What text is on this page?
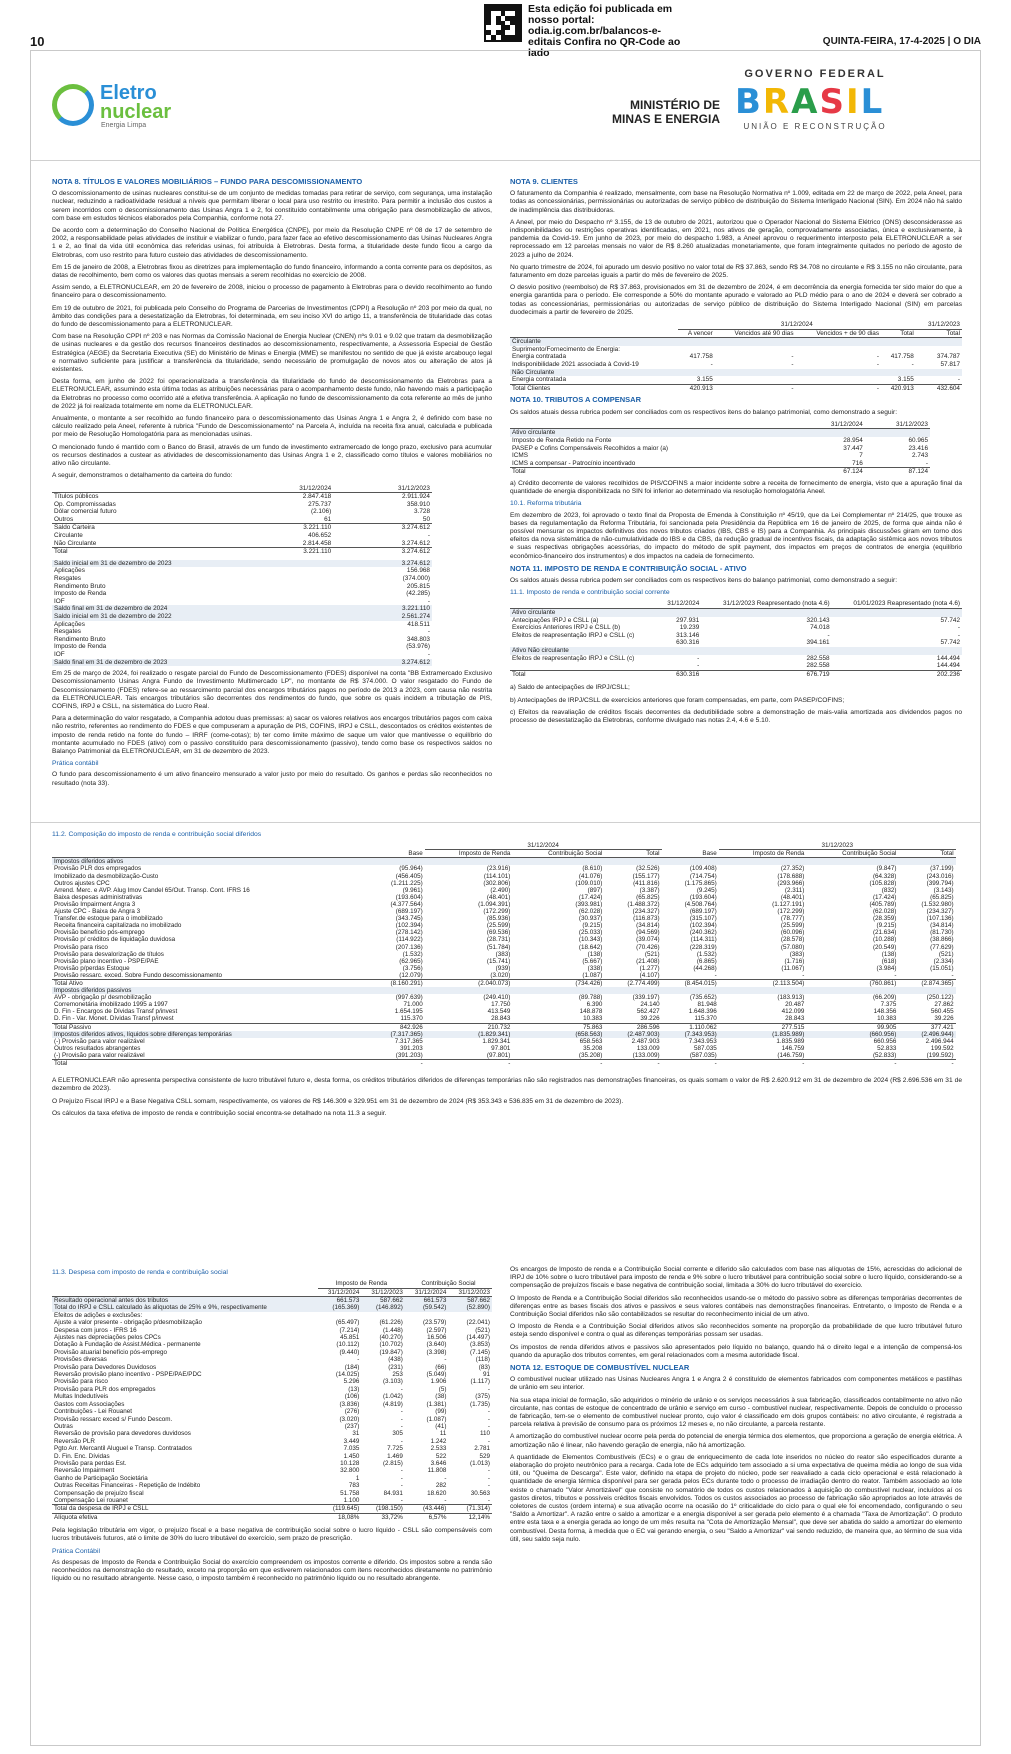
10
Esta edição foi publicada em nosso portal: odia.ig.com.br/balancos-e-editais Confira no QR-Code ao lado
QUINTA-FEIRA, 17-4-2025 | O DIA
Eletro
nuclear
Energia Limpa
MINISTÉRIO DE MINAS E ENERGIA
GOVERNO FEDERAL
B R A S I L
UNIÃO E RECONSTRUÇÃO
NOTA 8. TÍTULOS E VALORES MOBILIÁRIOS – FUNDO PARA DESCOMISSIONAMENTO

O descomissionamento de usinas nucleares constitui-se de um conjunto de medidas tomadas para retirar de serviço, com segurança, uma instalação nuclear, reduzindo a radioatividade residual a níveis que permitam liberar o local para uso restrito ou irrestrito. Para permitir a inclusão dos custos a serem incorridos com o descomissionamento das Usinas Angra 1 e 2, foi constituído contabilmente uma obrigação para desmobilização de ativos, com base em estudos técnicos elaborados pela Companhia, conforme nota 27.

De acordo com a determinação do Conselho Nacional de Política Energética (CNPE), por meio da Resolução CNPE nº 08 de 17 de setembro de 2002, a responsabilidade pelas atividades de instituir e viabilizar o fundo, para fazer face ao efetivo descomissionamento das Usinas Nucleares Angra 1 e 2, ao final da vida útil econômica das referidas usinas, foi atribuída à Eletrobras. Desta forma, a titularidade deste fundo ficou a cargo da Eletrobras, com uso restrito para futuro custeio das atividades de descomissionamento.

Em 15 de janeiro de 2008, a Eletrobras fixou as diretrizes para implementação do fundo financeiro, informando a conta corrente para os depósitos, as datas de recolhimento, bem como os valores das quotas mensais a serem recolhidas no exercício de 2008.

Assim sendo, a ELETRONUCLEAR, em 20 de fevereiro de 2008, iniciou o processo de pagamento à Eletrobras para o devido recolhimento ao fundo financeiro para o descomissionamento.

Em 19 de outubro de 2021, foi publicada pelo Conselho do Programa de Parcerias de Investimentos (CPPI) a Resolução nº 203 por meio da qual, no âmbito das condições para a desestatização da Eletrobras, foi determinada, em seu inciso XVI do artigo 11, a transferência de titularidade das cotas do fundo de descomissionamento para a ELETRONUCLEAR.

Com base na Resolução CPPI nº 203 e nas Normas da Comissão Nacional de Energia Nuclear (CNEN) nºs 9.01 e 9.02 que tratam da desmobilização de usinas nucleares e da gestão dos recursos financeiros destinados ao descomissionamento, respectivamente, a Assessoria Especial de Gestão Estratégica (AEGE) da Secretaria Executiva (SE) do Ministério de Minas e Energia (MME) se manifestou no sentido de que já existe arcabouço legal e normativo suficiente para justificar a transferência da titularidade, sendo necessário de promulgação de novos atos ou alteração de atos já existentes.

Desta forma, em junho de 2022 foi operacionalizada a transferência da titularidade do fundo de descomissionamento da Eletrobras para a ELETRONUCLEAR, assumindo esta última todas as atribuições necessárias para o acompanhamento deste fundo, não havendo mais a participação da Eletrobras no processo como ocorrido até a efetiva transferência. A aplicação no fundo de descomissionamento da cota referente ao mês de junho de 2022 já foi realizada totalmente em nome da ELETRONUCLEAR.

Anualmente, o montante a ser recolhido ao fundo financeiro para o descomissionamento das Usinas Angra 1 e Angra 2, é definido com base no cálculo realizado pela Aneel, referente à rubrica "Fundo de Descomissionamento" na Parcela A, incluída na receita fixa anual, calculada e publicada por meio de Resolução Homologatória para as mencionadas usinas.

O mencionado fundo é mantido com o Banco do Brasil, através de um fundo de investimento extramercado de longo prazo, exclusivo para acumular os recursos destinados a custear as atividades de descomissionamento das Usinas Angra 1 e 2, classificado como títulos e valores mobiliários no ativo não circulante.

A seguir, demonstramos o detalhamento da carteira do fundo:

	31/12/2024	31/12/2023
Títulos públicos	2.847.418	2.911.924
Op. Compromissadas	275.737	358.910
Dólar comercial futuro	(2.106)	3.728
Outros	61	50
Saldo Carteira	3.221.110	3.274.612
Circulante	406.652	-
Não Circulante	2.814.458	3.274.612
Total	3.221.110	3.274.612
Saldo inicial em 31 de dezembro de 2023	3.274.612
Aplicações	156.968
Resgates	(374.000)
Rendimento Bruto	205.815
Imposto de Renda	(42.285)
IOF	-
Saldo final em 31 de dezembro de 2024	3.221.110
Saldo inicial em 31 de dezembro de 2022	2.561.274
Aplicações	418.511
Resgates	-
Rendimento Bruto	348.803
Imposto de Renda	(53.976)
IOF	-
Saldo final em 31 de dezembro de 2023	3.274.612

Em 25 de março de 2024, foi realizado o resgate parcial do Fundo de Descomissionamento (FDES) disponível na conta "BB Extramercado Exclusivo Descomissionamento Usinas Angra Fundo de Investimento Multimercado LP", no montante de R$ 374.000. O valor resgatado do Fundo de Descomissionamento (FDES) refere-se ao ressarcimento parcial dos encargos tributários pagos no período de 2013 a 2023, com causa não restrita da ELETRONUCLEAR. Tais encargos tributários são decorrentes dos rendimentos do fundo, que sobre os quais incidem a tributação de PIS, COFINS, IRPJ e CSLL, na sistemática do Lucro Real.

Para a determinação do valor resgatado, a Companhia adotou duas premissas: a) sacar os valores relativos aos encargos tributários pagos com caixa não restrito, referentes ao rendimento do FDES e que compuseram a apuração de PIS, COFINS, IRPJ e CSLL, descontados os créditos existentes de imposto de renda retido na fonte do fundo – IRRF (come-cotas); b) ter como limite máximo de saque um valor que mantivesse o equilíbrio do montante acumulado no FDES (ativo) com o passivo constituído para descomissionamento (passivo), tendo como base os respectivos saldos no Balanço Patrimonial da ELETRONUCLEAR, em 31 de dezembro de 2023.

Prática contábil

O fundo para descomissionamento é um ativo financeiro mensurado a valor justo por meio do resultado. Os ganhos e perdas são reconhecidos no resultado (nota 33).

NOTA 9. CLIENTES

O faturamento da Companhia é realizado, mensalmente, com base na Resolução Normativa nº 1.009, editada em 22 de março de 2022, pela Aneel, para todas as concessionárias, permissionárias ou autorizadas de serviço público de distribuição do Sistema Interligado Nacional (SIN). Em 2024 não há saldo de inadimplência das distribuidoras.

A Aneel, por meio do Despacho nº 3.155, de 13 de outubro de 2021, autorizou que o Operador Nacional do Sistema Elétrico (ONS) desconsiderasse as indisponibilidades ou restrições operativas identificadas, em 2021, nos ativos de geração, comprovadamente associadas, única e exclusivamente, à pandemia da Covid-19. Em junho de 2023, por meio do despacho 1.983, a Aneel aprovou o requerimento interposto pela ELETRONUCLEAR a ser reprocessado em 12 parcelas mensais no valor de R$ 8.260 atualizadas monetariamente, que foram integralmente quitados no período de agosto de 2023 a julho de 2024.

No quarto trimestre de 2024, foi apurado um desvio positivo no valor total de R$ 37.863, sendo R$ 34.708 no circulante e R$ 3.155 no não circulante, para faturamento em doze parcelas iguais a partir do mês de fevereiro de 2025.

O desvio positivo (reembolso) de R$ 37.863, provisionados em 31 de dezembro de 2024, é em decorrência da energia fornecida ter sido maior do que a energia garantida para o período. Ele corresponde a 50% do montante apurado e valorado ao PLD médio para o ano de 2024 e deverá ser cobrado a todas as concessionárias, permissionárias ou autorizadas de serviço público de distribuição do Sistema Interligado Nacional (SIN) em parcelas duodecimais a partir de fevereiro de 2025.

	31/12/2024				31/12/2023
	A vencer	Vencidos até 90 dias	Vencidos + de 90 dias	Total	Total
Circulante					
Suprimento/Fornecimento de Energia:					
Energia contratada	417.758	-	-	417.758	374.787
Indisponibilidade 2021 associada à Covid-19	-	-	-	-	57.817
Não Circulante					
Energia contratada	3.155			3.155	-
Total Clientes	420.913	-	-	420.913	432.604
NOTA 10. TRIBUTOS A COMPENSAR

Os saldos atuais dessa rubrica podem ser conciliados com os respectivos itens do balanço patrimonial, como demonstrado a seguir:

	31/12/2024	31/12/2023
Ativo circulante		
Imposto de Renda Retido na Fonte	28.954	60.965
PASEP e Cofins Compensáveis Recolhidos a maior (a)	37.447	23.416
ICMS	7	2.743
ICMS a compensar - Patrocínio incentivado	716	-
Total	67.124	87.124

a) Crédito decorrente de valores recolhidos de PIS/COFINS a maior incidente sobre a receita de fornecimento de energia, visto que a apuração final da quantidade de energia disponibilizada no SIN foi inferior ao determinado via resolução homologatória Aneel.

10.1. Reforma tributária

Em dezembro de 2023, foi aprovado o texto final da Proposta de Emenda à Constituição nº 45/19, que da Lei Complementar nº 214/25, que trouxe as bases da regulamentação da Reforma Tributária, foi sancionada pela Presidência da República em 16 de janeiro de 2025, de forma que ainda não é possível mensurar os impactos definitivos dos novos tributos criados (IBS, CBS e IS) para a Companhia. As principais discussões giram em torno dos efeitos da nova sistemática de não-cumulatividade do IBS e da CBS, da redução gradual de incentivos fiscais, da adaptação sistêmica aos novos tributos e suas respectivas obrigações acessórias, do impacto do método de split payment, dos impactos em preços de contratos de energia (equilíbrio econômico-financeiro dos instrumentos) e dos impactos na cadeia de fornecimento.

NOTA 11. IMPOSTO DE RENDA E CONTRIBUIÇÃO SOCIAL - ATIVO

Os saldos atuais dessa rubrica podem ser conciliados com os respectivos itens do balanço patrimonial, como demonstrado a seguir:

11.1. Imposto de renda e contribuição social corrente
	31/12/2024	31/12/2023 Reapresentado (nota 4.6)	01/01/2023 Reapresentado (nota 4.6)
Ativo circulante			
Antecipações IRPJ e CSLL (a)	297.931	320.143	57.742
Exercícios Anteriores IRPJ e CSLL (b)	19.239	74.018	-
Efeitos de reapresentação IRPJ e CSLL (c)	313.146	-	-
	630.316	394.161	57.742
Ativo Não circulante			
Efeitos de reapresentação IRPJ e CSLL (c)	-	282.558	144.494
	-	282.558	144.494
Total	630.316	676.719	202.236

a) Saldo de antecipações de IRPJ/CSLL;

b) Antecipações de IRPJ/CSLL de exercícios anteriores que foram compensadas, em parte, com PASEP/COFINS;

c) Efeitos da reavaliação de créditos fiscais decorrentes da dedutibilidade sobre a demonstração de mais-valia amortizada aos dividendos pagos no processo de desestatização da Eletrobras, conforme divulgado nas notas 2.4, 4.6 e 5.10.

11.2. Composição do imposto de renda e contribuição social diferidos
		31/12/2024				31/12/2023			
	Base	Imposto de Renda	Contribuição Social	Total	Base	Imposto de Renda	Contribuição Social	Total	
Impostos diferidos ativos									
Provisão PLR dos empregados	(95.964)	(23.916)	(8.610)	(32.526)	(109.408)	(27.352)	(9.847)	(37.199)	
Imobilizado da desmobilização-Custo	(456.405)	(114.101)	(41.076)	(155.177)	(714.754)	(178.688)	(64.328)	(243.016)	
Outros ajustes CPC	(1.211.225)	(302.806)	(109.010)	(411.816)	(1.175.865)	(293.966)	(105.828)	(399.794)	
Arrend. Merc. e AVP. Alug Imov Candel 65/Out. Transp. Cont. IFRS 16	(9.961)	(2.490)	(897)	(3.387)	(9.245)	(2.311)	(832)	(3.143)	
Baixa despesas administrativas	(193.604)	(48.401)	(17.424)	(65.825)	(193.604)	(48.401)	(17.424)	(65.825)	
Provisão Impairment Angra 3	(4.377.564)	(1.094.391)	(393.981)	(1.488.372)	(4.508.764)	(1.127.191)	(405.789)	(1.532.980)	
Ajuste CPC - Baixa de Angra 3	(689.197)	(172.299)	(62.028)	(234.327)	(689.197)	(172.299)	(62.028)	(234.327)	
Transfer.de estoque para o imobilizado	(343.745)	(85.936)	(30.937)	(116.873)	(315.107)	(78.777)	(28.359)	(107.136)	
Receita financeira capitalizada no imobilizado	(102.394)	(25.599)	(9.215)	(34.814)	(102.394)	(25.599)	(9.215)	(34.814)	
Provisão benefício pós-emprego	(278.142)	(69.536)	(25.033)	(94.569)	(240.362)	(60.096)	(21.634)	(81.730)	
Provisão p/ créditos de liquidação duvidosa	(114.922)	(28.731)	(10.343)	(39.074)	(114.311)	(28.578)	(10.288)	(38.866)	
Provisão para risco	(207.136)	(51.784)	(18.642)	(70.426)	(228.319)	(57.080)	(20.549)	(77.629)	
Provisão para desvalorização de títulos	(1.532)	(383)	(138)	(521)	(1.532)	(383)	(138)	(521)	
Provisão plano incentivo - PSPE/PAE	(62.965)	(15.741)	(5.667)	(21.408)	(6.865)	(1.716)	(618)	(2.334)	
Provisão p/perdas Estoque	(3.756)	(939)	(338)	(1.277)	(44.268)	(11.067)	(3.984)	(15.051)	
Provisão ressarc. exced. Sobre Fundo descomissionamento	(12.079)	(3.020)	(1.087)	(4.107)	-	-	-	-	
Total Ativo	(8.160.291)	(2.040.073)	(734.426)	(2.774.499)	(8.454.015)	(2.113.504)	(760.861)	(2.874.365)	
Impostos diferidos passivos									
AVP - obrigação p/ desmobilização	(997.639)	(249.410)	(89.788)	(339.197)	(735.652)	(183.913)	(66.209)	(250.122)	
Corremonetária imobilizado 1995 a 1997	71.000	17.750	6.390	24.140	81.948	20.487	7.375	27.862	
D. Fin - Encargos de Dívidas Transf p/invest	1.654.195	413.549	148.878	562.427	1.648.396	412.099	148.356	560.455	
D. Fin - Var. Monet. Dívidas Transf p/invest	115.370	28.843	10.383	39.226	115.370	28.843	10.383	39.226	
Total Passivo	842.926	210.732	75.863	286.596	1.110.062	277.515	99.905	377.421	
Impostos diferidos ativos, líquidos sobre diferenças temporárias	(7.317.365)	(1.829.341)	(658.563)	(2.487.903)	(7.343.953)	(1.835.989)	(660.956)	(2.496.944)	
(-) Provisão para valor realizável	7.317.365	1.829.341	658.563	2.487.903	7.343.953	1.835.989	660.956	2.496.944	
Outros resultados abrangentes	391.203	97.801	35.208	133.009	587.035	146.759	52.833	199.592	
(-) Provisão para valor realizável	(391.203)	(97.801)	(35.208)	(133.009)	(587.035)	(146.759)	(52.833)	(199.592)	
Total	-	-	-	-	-	-	-	-	

A ELETRONUCLEAR não apresenta perspectiva consistente de lucro tributável futuro e, desta forma, os créditos tributários diferidos de diferenças temporárias não são registrados nas demonstrações financeiras, os quais somam o valor de R$ 2.620.912 em 31 de dezembro de 2024 (R$ 2.696.536 em 31 de dezembro de 2023).

O Prejuízo Fiscal IRPJ e a Base Negativa CSLL somam, respectivamente, os valores de R$ 146.309 e 329.951 em 31 de dezembro de 2024 (R$ 353.343 e 536.835 em 31 de dezembro de 2023).

Os cálculos da taxa efetiva de imposto de renda e contribuição social encontra-se detalhado na nota 11.3 a seguir.

11.3. Despesa com imposto de renda e contribuição social
	Imposto de Renda		Contribuição Social	
	31/12/2024	31/12/2023	31/12/2024	31/12/2023
Resultado operacional antes dos tributos	661.573	587.662	661.573	587.662
Total do IRPJ e CSLL calculado às alíquotas de 25% e 9%, respectivamente	(165.369)	(146.892)	(59.542)	(52.890)
Efeitos de adições e exclusões:				
Ajuste a valor presente - obrigação p/desmobilização	(65.497)	(61.226)	(23.579)	(22.041)
Despesa com juros - IFRS 16	(7.214)	(1.448)	(2.597)	(521)
Ajustes nas depreciações pelos CPCs	45.851	(40.270)	16.506	(14.497)
Dotação à Fundação de Assist.Médica - permanente	(10.112)	(10.702)	(3.640)	(3.853)
Provisão atuarial benefício pós-emprego	(9.440)	(19.847)	(3.398)	(7.145)
Provisões diversas	-	(438)	-	(118)
Provisão para Devedores Duvidosos	(184)	(231)	(66)	(83)
Reversão provisão plano incentivo - PSPE/PAE/PDC	(14.025)	253	(5.049)	91
Provisão para risco	5.296	(3.103)	1.906	(1.117)
Provisão para PLR dos empregados	(13)	-	(5)	-
Multas Indedutíveis	(106)	(1.042)	(38)	(375)
Gastos com Associações	(3.836)	(4.819)	(1.381)	(1.735)
Contribuições - Lei Rouanet	(276)	-	(99)	-
Provisão ressarc exced s/ Fundo Descom.	(3.020)	-	(1.087)	-
Outras	(237)	-	(41)	-
Reversão de provisão para devedores duvidosos	31	305	11	110
Reversão PLR	3.449	-	1.242	-
Pgto Arr. Mercantil Aluguel e Transp. Contratados	7.035	7.725	2.533	2.781
D. Fin. Enc. Dívidas	1.450	1.469	522	529
Provisão para perdas Est.	10.128	(2.815)	3.646	(1.013)
Reversão Impairment	32.800	-	11.808	-
Ganho de Participação Societária	1	-	-	-
Outras Receitas Financeiras - Repetição de Indébito	783	-	282	-
Compensação de prejuízo fiscal	51.758	84.931	18.620	30.563
Compensação Lei rouanet	1.100	-	-	-
Total da despesa de IRPJ e CSLL	(119.645)	(198.150)	(43.446)	(71.314)
Alíquota efetiva	18,08%	33,72%	6,57%	12,14%

Pela legislação tributária em vigor, o prejuízo fiscal e a base negativa de contribuição social sobre o lucro líquido - CSLL são compensáveis com lucros tributáveis futuros, até o limite de 30% do lucro tributável do exercício, sem prazo de prescrição.

Prática Contábil

As despesas de Imposto de Renda e Contribuição Social do exercício compreendem os impostos corrente e diferido. Os impostos sobre a renda são reconhecidos na demonstração do resultado, exceto na proporção em que estiverem relacionados com itens reconhecidos diretamente no patrimônio líquido ou no resultado abrangente. Nesse caso, o imposto também é reconhecido no patrimônio líquido ou no resultado abrangente.

Os encargos de Imposto de renda e a Contribuição Social corrente e diferido são calculados com base nas alíquotas de 15%, acrescidas do adicional de IRPJ de 10% sobre o lucro tributável para imposto de renda e 9% sobre o lucro tributável para contribuição social sobre o lucro líquido, considerando-se a compensação de prejuízos fiscais e base negativa de contribuição social, limitada a 30% do lucro tributável do exercício.

O Imposto de Renda e a Contribuição Social diferidos são reconhecidos usando-se o método do passivo sobre as diferenças temporárias decorrentes de diferenças entre as bases fiscais dos ativos e passivos e seus valores contábeis nas demonstrações financeiras. Entretanto, o Imposto de Renda e a Contribuição Social diferidos não são contabilizados se resultar do reconhecimento inicial de um ativo.

O Imposto de Renda e a Contribuição Social diferidos ativos são reconhecidos somente na proporção da probabilidade de que lucro tributável futuro esteja sendo disponível e contra o qual as diferenças temporárias possam ser usadas.

Os impostos de renda diferidos ativos e passivos são apresentados pelo líquido no balanço, quando há o direito legal e a intenção de compensá-los quando da apuração dos tributos correntes, em geral relacionados com a mesma autoridade fiscal.

NOTA 12. ESTOQUE DE COMBUSTÍVEL NUCLEAR

O combustível nuclear utilizado nas Usinas Nucleares Angra 1 e Angra 2 é constituído de elementos fabricados com componentes metálicos e pastilhas de urânio em seu interior.

Na sua etapa inicial de formação, são adquiridos o minério de urânio e os serviços necessários à sua fabricação, classificados contabilmente no ativo não circulante, nas contas de estoque de concentrado de urânio e serviço em curso - combustível nuclear, respectivamente. Depois de concluído o processo de fabricação, tem-se o elemento de combustível nuclear pronto, cujo valor é classificado em dois grupos contábeis: no ativo circulante, é registrada a parcela relativa à previsão de consumo para os próximos 12 meses e, no não circulante, a parcela restante.

A amortização do combustível nuclear ocorre pela perda do potencial de energia térmica dos elementos, que proporciona a geração de energia elétrica. A amortização não é linear, não havendo geração de energia, não há amortização.

A quantidade de Elementos Combustíveis (ECs) e o grau de enriquecimento de cada lote inseridos no núcleo do reator são especificados durante a elaboração do projeto neutrônico para a recarga. Cada lote de ECs adquirido tem associado a si uma expectativa de queima média ao longo de sua vida útil, ou "Queima de Descarga". Este valor, definido na etapa de projeto do núcleo, pode ser reavaliado a cada ciclo operacional e está relacionado à quantidade de energia térmica disponível para ser gerada pelos ECs durante todo o processo de irradiação dentro do reator. Também associado ao lote existe o chamado "Valor Amortizável" que consiste no somatório de todos os custos relacionados à aquisição do combustível nuclear, incluídos aí os gastos diretos, tributos e possíveis créditos fiscais envolvidos. Todos os custos associados ao processo de fabricação são apropriados ao lote através de coletores de custos (ordem interna) e sua ativação ocorre na ocasião do 1º criticalidade do ciclo para o qual ele foi encomendado, configurando o seu "Saldo a Amortizar". A razão entre o saldo a amortizar e a energia disponível a ser gerada pelo elemento é a chamada "Taxa de Amortização". O produto entre esta taxa e a energia gerada ao longo de um mês resulta na "Cota de Amortização Mensal", que deve ser abatida do saldo a amortizar do elemento combustível. Desta forma, à medida que o EC vai gerando energia, o seu "Saldo a Amortizar" vai sendo reduzido, de maneira que, ao término de sua vida útil, seu saldo seja nulo.
